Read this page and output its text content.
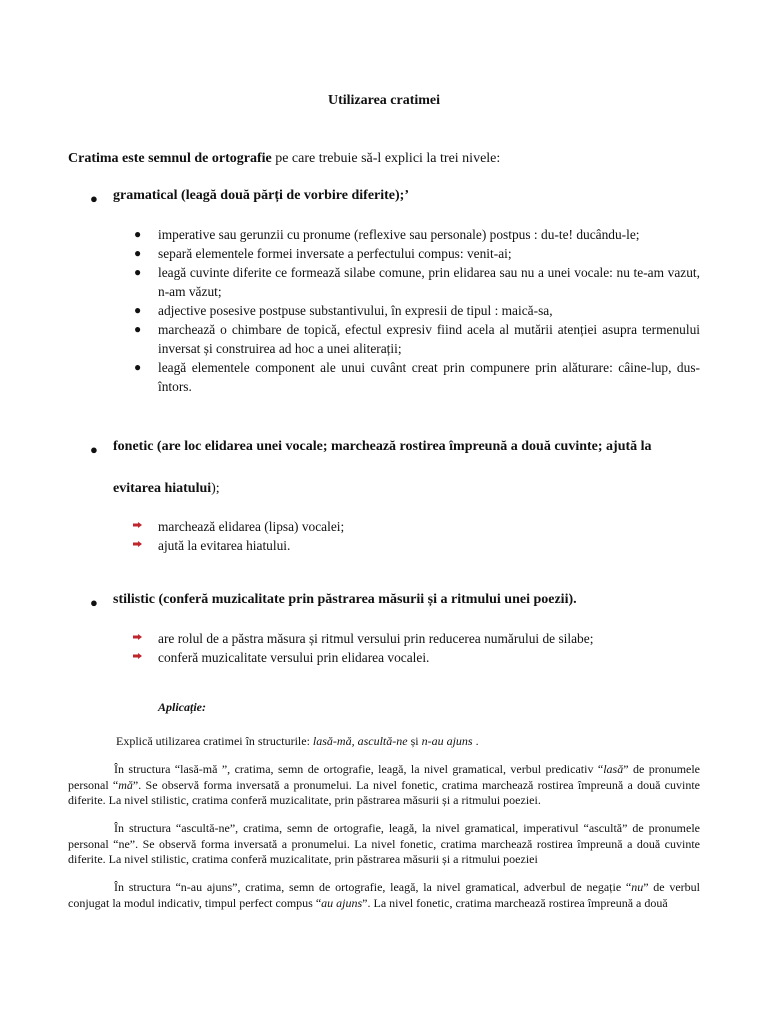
Utilizarea cratimei
Cratima este semnul de ortografie pe care trebuie să-l explici la trei nivele:
● gramatical (leagă două părți de vorbire diferite);’

● imperative sau gerunzii cu pronume (reflexive sau personale) postpus : du-te! ducându-le;

● separă elementele formei inversate a perfectului compus: venit-ai;

● leagă cuvinte diferite ce formează silabe comune, prin elidarea sau nu a unei vocale: nu te-am vazut, n-am văzut;

● adjective posesive postpuse substantivului, în expresii de tipul : maică-sa,

● marchează o chimbare de topică, efectul expresiv fiind acela al mutării atenției asupra termenului inversat și construirea ad hoc a unei aliterații;

● leagă elementele component ale unui cuvânt creat prin compunere prin alăturare: câine-lup, dus-întors.

● fonetic (are loc elidarea unei vocale; marchează rostirea împreună a două cuvinte; ajută la
evitarea hiatului);

marchează elidarea (lipsa) vocalei;

ajută la evitarea hiatului.

● stilistic (conferă muzicalitate prin păstrarea măsurii și a ritmului unei poezii).

are rolul de a păstra măsura și ritmul versului prin reducerea numărului de silabe;

conferă muzicalitate versului prin elidarea vocalei.

Aplicație:
Explică utilizarea cratimei în structurile: lasă-mă, ascultă-ne și n-au ajuns .

În structura “lasă-mă ”, cratima, semn de ortografie, leagă, la nivel gramatical, verbul predicativ “lasă” de pronumele personal “mă”. Se observă forma inversată a pronumelui. La nivel fonetic, cratima marchează rostirea împreună a două cuvinte diferite. La nivel stilistic, cratima conferă muzicalitate, prin păstrarea măsurii și a ritmului poeziei.

În structura “ascultă-ne”, cratima, semn de ortografie, leagă, la nivel gramatical, imperativul “ascultă” de pronumele personal “ne”. Se observă forma inversată a pronumelui. La nivel fonetic, cratima marchează rostirea împreună a două cuvinte diferite. La nivel stilistic, cratima conferă muzicalitate, prin păstrarea măsurii și a ritmului poeziei

În structura “n-au ajuns”, cratima, semn de ortografie, leagă, la nivel gramatical, adverbul de negație “nu” de verbul conjugat la modul indicativ, timpul perfect compus “au ajuns”. La nivel fonetic, cratima marchează rostirea împreună a două
